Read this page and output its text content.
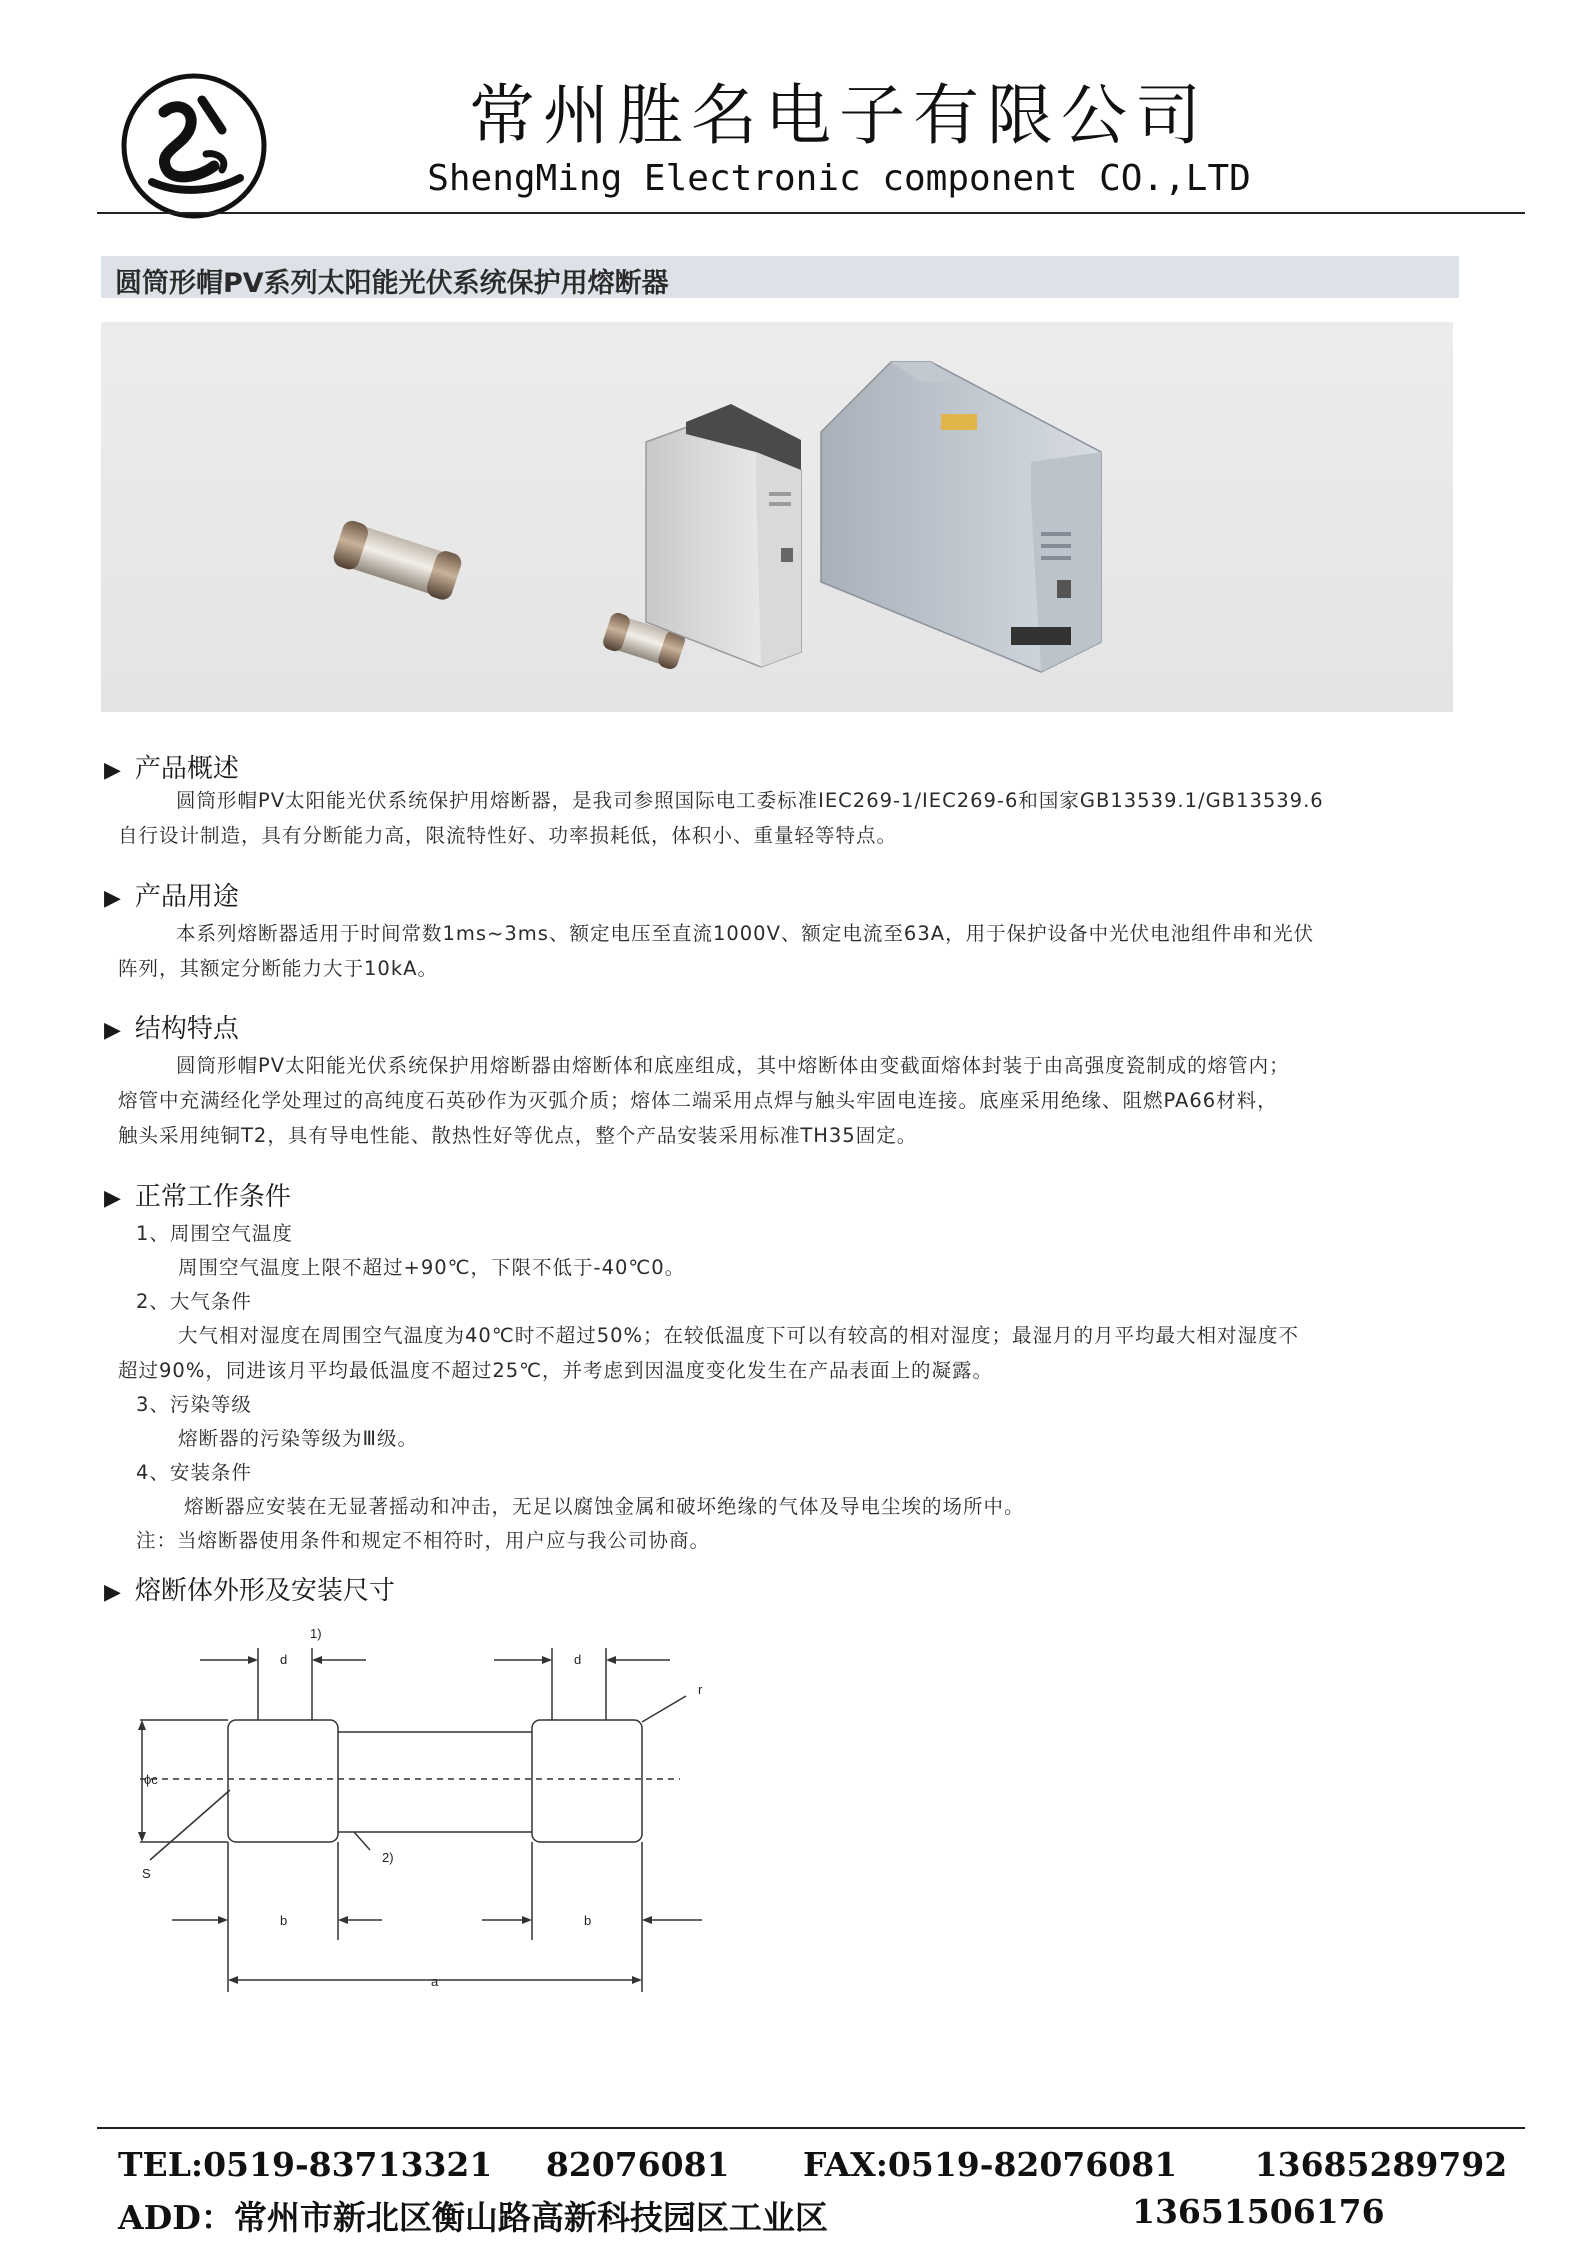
常州胜名电子有限公司
ShengMing Electronic component CO.,LTD
圆筒形帽PV系列太阳能光伏系统保护用熔断器
▶ 产品概述
圆筒形帽PV太阳能光伏系统保护用熔断器，是我司参照国际电工委标准IEC269-1/IEC269-6和国家GB13539.1/GB13539.6
自行设计制造，具有分断能力高，限流特性好、功率损耗低，体积小、重量轻等特点。
▶ 产品用途
本系列熔断器适用于时间常数1ms~3ms、额定电压至直流1000V、额定电流至63A，用于保护设备中光伏电池组件串和光伏
阵列，其额定分断能力大于10kA。
▶ 结构特点
圆筒形帽PV太阳能光伏系统保护用熔断器由熔断体和底座组成，其中熔断体由变截面熔体封装于由高强度瓷制成的熔管内；
熔管中充满经化学处理过的高纯度石英砂作为灭弧介质；熔体二端采用点焊与触头牢固电连接。底座采用绝缘、阻燃PA66材料，
触头采用纯铜T2，具有导电性能、散热性好等优点，整个产品安装采用标准TH35固定。
▶ 正常工作条件
1、周围空气温度
周围空气温度上限不超过+90℃，下限不低于-40℃0。
2、大气条件
大气相对湿度在周围空气温度为40℃时不超过50%；在较低温度下可以有较高的相对湿度；最湿月的月平均最大相对湿度不
超过90%，同进该月平均最低温度不超过25℃，并考虑到因温度变化发生在产品表面上的凝露。
3、污染等级
熔断器的污染等级为Ⅲ级。
4、安装条件
熔断器应安装在无显著摇动和冲击，无足以腐蚀金属和破坏绝缘的气体及导电尘埃的场所中。
注：当熔断器使用条件和规定不相符时，用户应与我公司协商。
▶ 熔断体外形及安装尺寸
1)
d	d
r
ϕc
S
2)
b	b
a
TEL:0519-83713321 82076081 FAX:0519-82076081 13685289792
ADD：常州市新北区衡山路高新科技园区工业区	13651506176
